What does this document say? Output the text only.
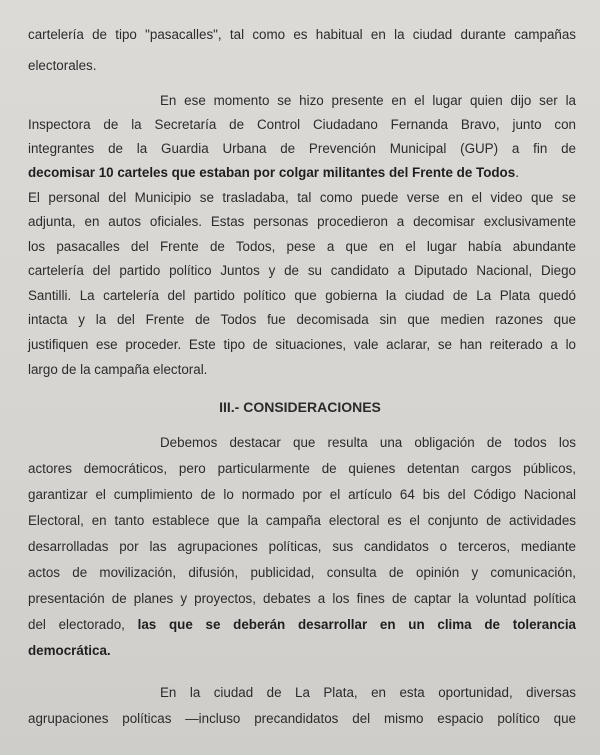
cartelería de tipo "pasacalles", tal como es habitual en la ciudad durante campañas
electorales.
En ese momento se hizo presente en el lugar quien dijo ser la
Inspectora de la Secretaría de Control Ciudadano Fernanda Bravo, junto con
integrantes de la Guardia Urbana de Prevención Municipal (GUP) a fin de
decomisar 10 carteles que estaban por colgar militantes del Frente de Todos.
El personal del Municipio se trasladaba, tal como puede verse en el video que se
adjunta, en autos oficiales. Estas personas procedieron a decomisar exclusivamente
los pasacalles del Frente de Todos, pese a que en el lugar había abundante
cartelería del partido político Juntos y de su candidato a Diputado Nacional, Diego
Santilli. La cartelería del partido político que gobierna la ciudad de La Plata quedó
intacta y la del Frente de Todos fue decomisada sin que medien razones que
justifiquen ese proceder. Este tipo de situaciones, vale aclarar, se han reiterado a lo
largo de la campaña electoral.
III.- CONSIDERACIONES
Debemos destacar que resulta una obligación de todos los
actores democráticos, pero particularmente de quienes detentan cargos públicos,
garantizar el cumplimiento de lo normado por el artículo 64 bis del Código Nacional
Electoral, en tanto establece que la campaña electoral es el conjunto de actividades
desarrolladas por las agrupaciones políticas, sus candidatos o terceros, mediante
actos de movilización, difusión, publicidad, consulta de opinión y comunicación,
presentación de planes y proyectos, debates a los fines de captar la voluntad política
del electorado, las que se deberán desarrollar en un clima de tolerancia
democrática.
En la ciudad de La Plata, en esta oportunidad, diversas
agrupaciones políticas —incluso precandidatos del mismo espacio político que
